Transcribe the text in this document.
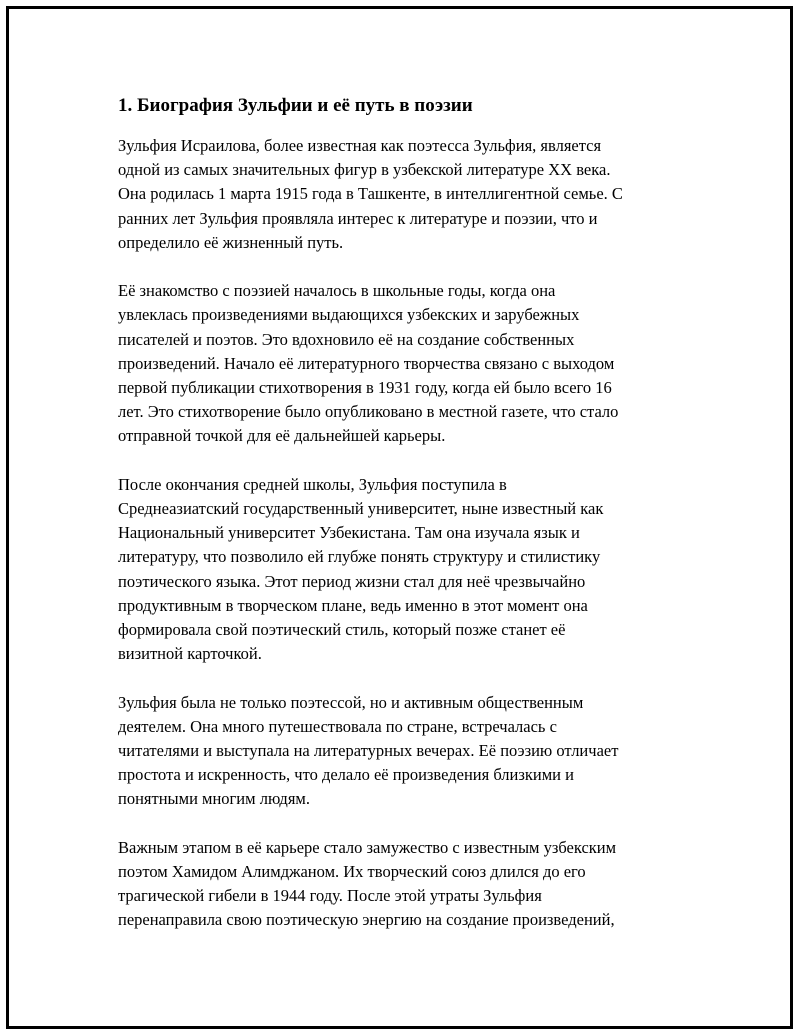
1. Биография Зульфии и её путь в поэзии

Зульфия Исраилова, более известная как поэтесса Зульфия, является
одной из самых значительных фигур в узбекской литературе XX века.
Она родилась 1 марта 1915 года в Ташкенте, в интеллигентной семье. С
ранних лет Зульфия проявляла интерес к литературе и поэзии, что и
определило её жизненный путь.

Её знакомство с поэзией началось в школьные годы, когда она
увлеклась произведениями выдающихся узбекских и зарубежных
писателей и поэтов. Это вдохновило её на создание собственных
произведений. Начало её литературного творчества связано с выходом
первой публикации стихотворения в 1931 году, когда ей было всего 16
лет. Это стихотворение было опубликовано в местной газете, что стало
отправной точкой для её дальнейшей карьеры.

После окончания средней школы, Зульфия поступила в
Среднеазиатский государственный университет, ныне известный как
Национальный университет Узбекистана. Там она изучала язык и
литературу, что позволило ей глубже понять структуру и стилистику
поэтического языка. Этот период жизни стал для неё чрезвычайно
продуктивным в творческом плане, ведь именно в этот момент она
формировала свой поэтический стиль, который позже станет её
визитной карточкой.

Зульфия была не только поэтессой, но и активным общественным
деятелем. Она много путешествовала по стране, встречалась с
читателями и выступала на литературных вечерах. Её поэзию отличает
простота и искренность, что делало её произведения близкими и
понятными многим людям.

Важным этапом в её карьере стало замужество с известным узбекским
поэтом Хамидом Алимджаном. Их творческий союз длился до его
трагической гибели в 1944 году. После этой утраты Зульфия
перенаправила свою поэтическую энергию на создание произведений,
